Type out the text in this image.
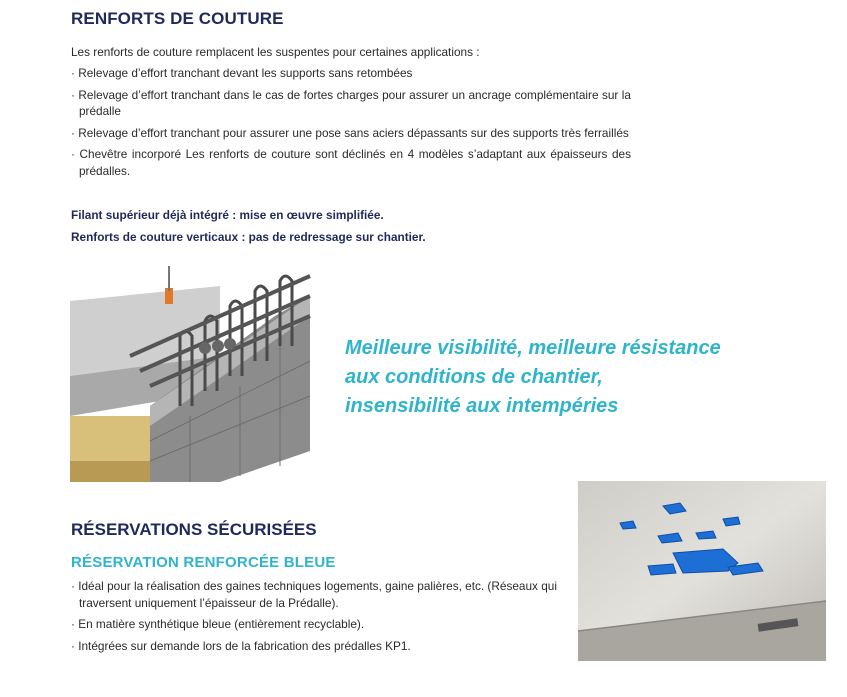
RENFORTS DE COUTURE
Les renforts de couture remplacent les suspentes pour certaines applications :
· Relevage d’effort tranchant devant les supports sans retombées
· Relevage d’effort tranchant dans le cas de fortes charges pour assurer un ancrage complémentaire sur la prédalle
· Relevage d’effort tranchant pour assurer une pose sans aciers dépassants sur des supports très ferraillés
· Chevêtre incorporé Les renforts de couture sont déclinés en 4 modèles s’adaptant aux épaisseurs des prédalles.
Filant supérieur déjà intégré : mise en œuvre simplifiée.
Renforts de couture verticaux : pas de redressage sur chantier.
Meilleure visibilité, meilleure résistance
aux conditions de chantier,
insensibilité aux intempéries
RÉSERVATIONS SÉCURISÉES
RÉSERVATION RENFORCÉE BLEUE
· Idéal pour la réalisation des gaines techniques logements, gaine palières, etc. (Réseaux qui traversent uniquement l’épaisseur de la Prédalle).
· En matière synthétique bleue (entièrement recyclable).
· Intégrées sur demande lors de la fabrication des prédalles KP1.
